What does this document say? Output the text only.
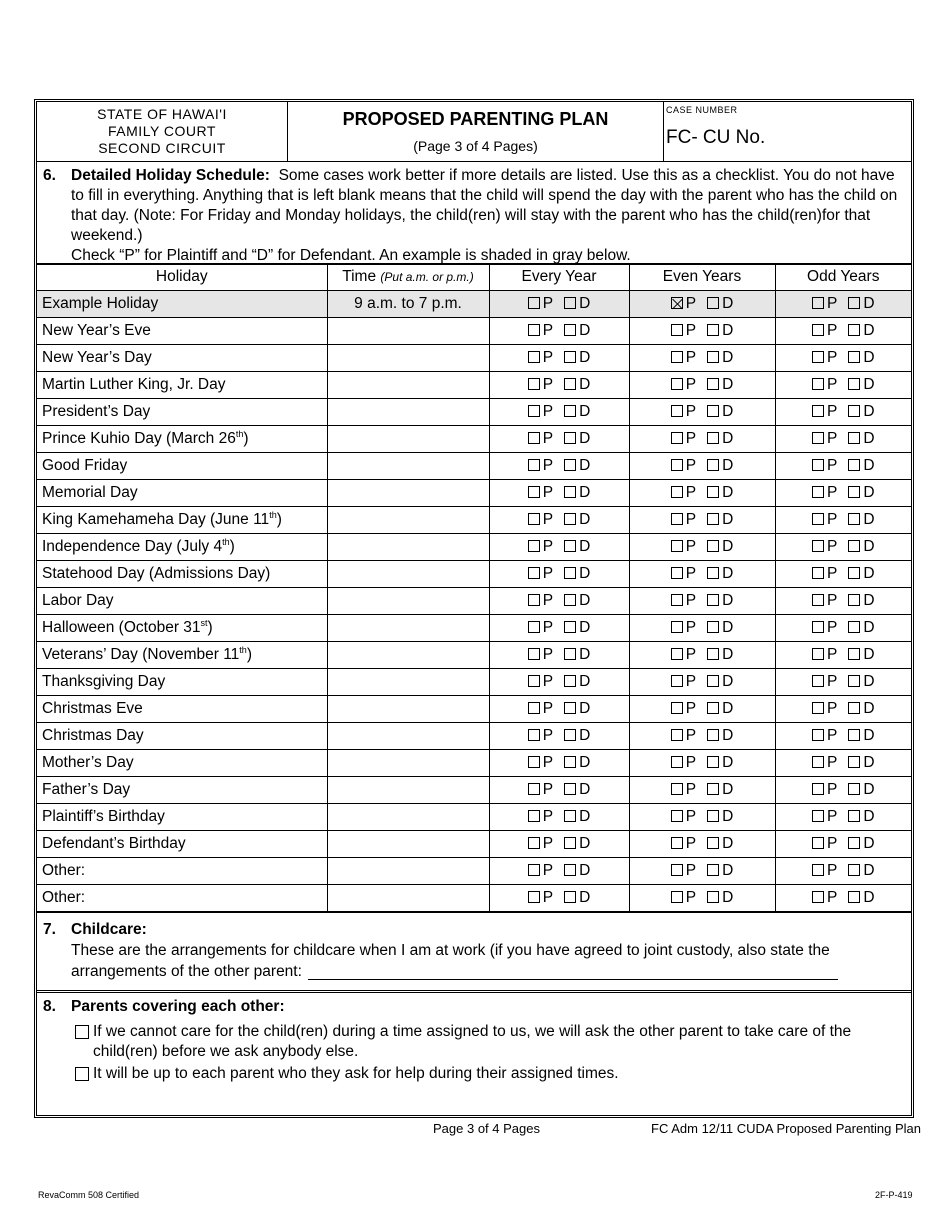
STATE OF HAWAI'I
FAMILY COURT
SECOND CIRCUIT
PROPOSED PARENTING PLAN
(Page 3 of 4 Pages)
CASE NUMBER
FC- CU No.
6. Detailed Holiday Schedule: Some cases work better if more details are listed. Use this as a checklist. You do not have to fill in everything. Anything that is left blank means that the child will spend the day with the parent who has the child on that day. (Note: For Friday and Monday holidays, the child(ren) will stay with the parent who has the child(ren)for that weekend.)
Check “P” for Plaintiff and “D” for Defendant. An example is shaded in gray below.
Holiday	Time (Put a.m. or p.m.)	Every Year	Even Years	Odd Years
Example Holiday	9 a.m. to 7 p.m.	P D	P D	P D
New Year’s Eve		P D	P D	P D
New Year’s Day		P D	P D	P D
Martin Luther King, Jr. Day		P D	P D	P D
President’s Day		P D	P D	P D
Prince Kuhio Day (March 26th)		P D	P D	P D
Good Friday		P D	P D	P D
Memorial Day		P D	P D	P D
King Kamehameha Day (June 11th)		P D	P D	P D
Independence Day (July 4th)		P D	P D	P D
Statehood Day (Admissions Day)		P D	P D	P D
Labor Day		P D	P D	P D
Halloween (October 31st)		P D	P D	P D
Veterans’ Day (November 11th)		P D	P D	P D
Thanksgiving Day		P D	P D	P D
Christmas Eve		P D	P D	P D
Christmas Day		P D	P D	P D
Mother’s Day		P D	P D	P D
Father’s Day		P D	P D	P D
Plaintiff’s Birthday		P D	P D	P D
Defendant’s Birthday		P D	P D	P D
Other:		P D	P D	P D
Other:		P D	P D	P D
7. Childcare:
These are the arrangements for childcare when I am at work (if you have agreed to joint custody, also state the arrangements of the other parent:
8. Parents covering each other:
If we cannot care for the child(ren) during a time assigned to us, we will ask the other parent to take care of the child(ren) before we ask anybody else.
It will be up to each parent who they ask for help during their assigned times.
Page 3 of 4 Pages	FC Adm 12/11 CUDA Proposed Parenting Plan
RevaComm 508 Certified	2F-P-419
